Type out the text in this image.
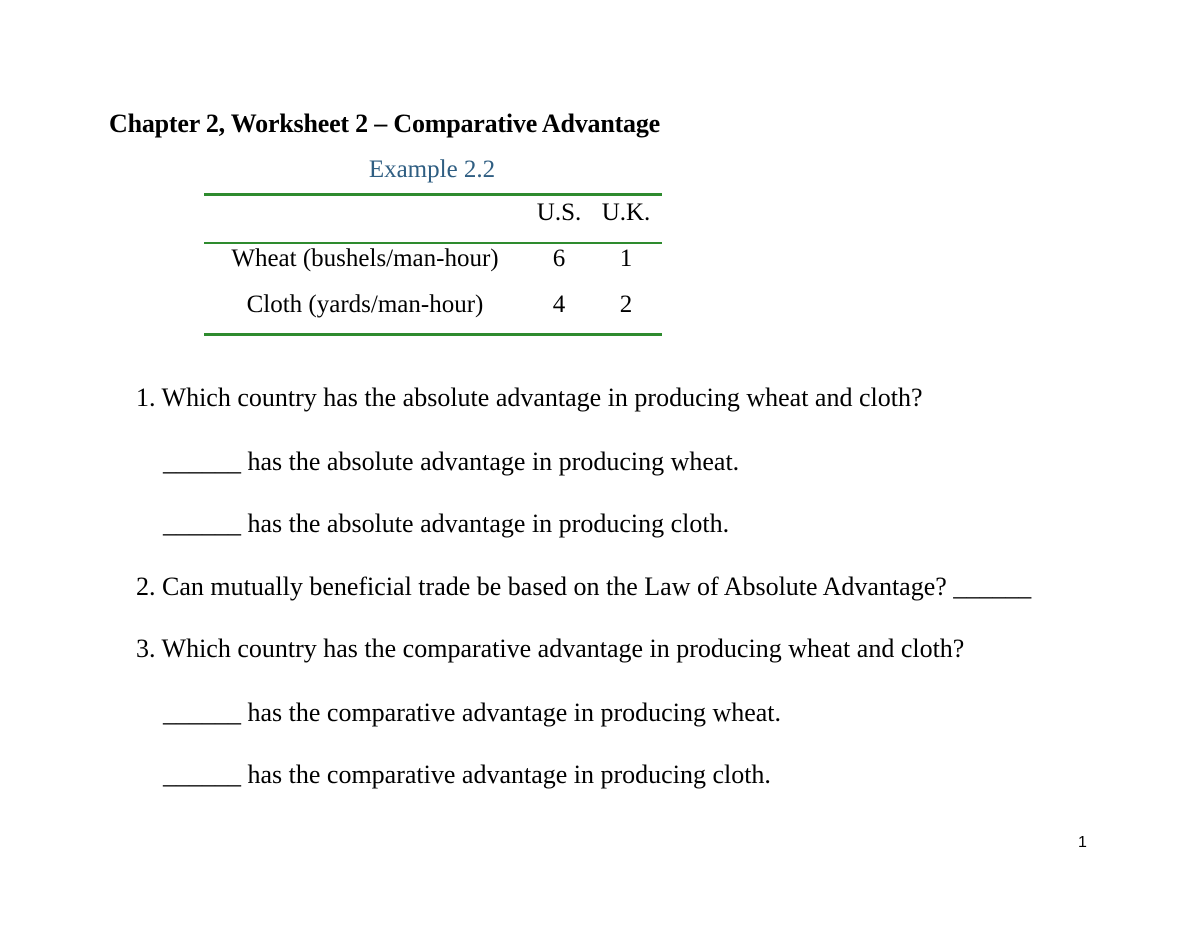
Chapter 2, Worksheet 2 – Comparative Advantage
Example 2.2
U.S. U.K.
Wheat (bushels/man-hour)	6	1
Cloth (yards/man-hour)	4	2
1. Which country has the absolute advantage in producing wheat and cloth?
______ has the absolute advantage in producing wheat.
______ has the absolute advantage in producing cloth.
2. Can mutually beneficial trade be based on the Law of Absolute Advantage? ______
3. Which country has the comparative advantage in producing wheat and cloth?
______ has the comparative advantage in producing wheat.
______ has the comparative advantage in producing cloth.
1
